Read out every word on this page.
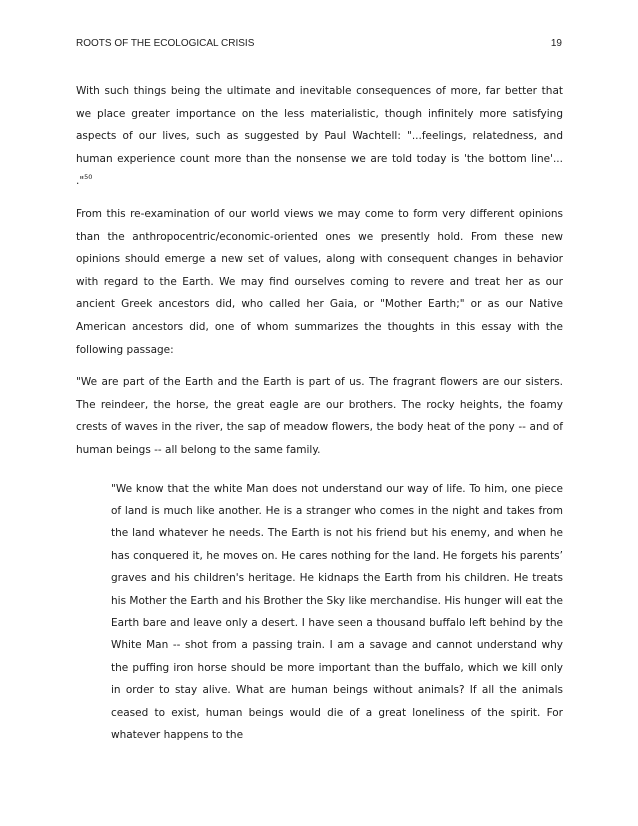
ROOTS OF THE ECOLOGICAL CRISIS	19

With such things being the ultimate and inevitable consequences of more, far better that we place greater importance on the less materialistic, though infinitely more satisfying aspects of our lives, such as suggested by Paul Wachtell: "...feelings, relatedness, and human experience count more than the nonsense we are told today is 'the bottom line'... ."$^{50}$

From this re-examination of our world views we may come to form very different opinions than the anthropocentric/economic-oriented ones we presently hold. From these new opinions should emerge a new set of values, along with consequent changes in behavior with regard to the Earth. We may find ourselves coming to revere and treat her as our ancient Greek ancestors did, who called her Gaia, or "Mother Earth;" or as our Native American ancestors did, one of whom summarizes the thoughts in this essay with the following passage:

"We are part of the Earth and the Earth is part of us. The fragrant flowers are our sisters. The reindeer, the horse, the great eagle are our brothers. The rocky heights, the foamy crests of waves in the river, the sap of meadow flowers, the body heat of the pony -- and of human beings -- all belong to the same family.

"We know that the white Man does not understand our way of life. To him, one piece of land is much like another. He is a stranger who comes in the night and takes from the land whatever he needs. The Earth is not his friend but his enemy, and when he has conquered it, he moves on. He cares nothing for the land. He forgets his parents’ graves and his children's heritage. He kidnaps the Earth from his children. He treats his Mother the Earth and his Brother the Sky like merchandise. His hunger will eat the Earth bare and leave only a desert. I have seen a thousand buffalo left behind by the White Man -- shot from a passing train. I am a savage and cannot understand why the puffing iron horse should be more important than the buffalo, which we kill only in order to stay alive. What are human beings without animals? If all the animals ceased to exist, human beings would die of a great loneliness of the spirit. For whatever happens to the
